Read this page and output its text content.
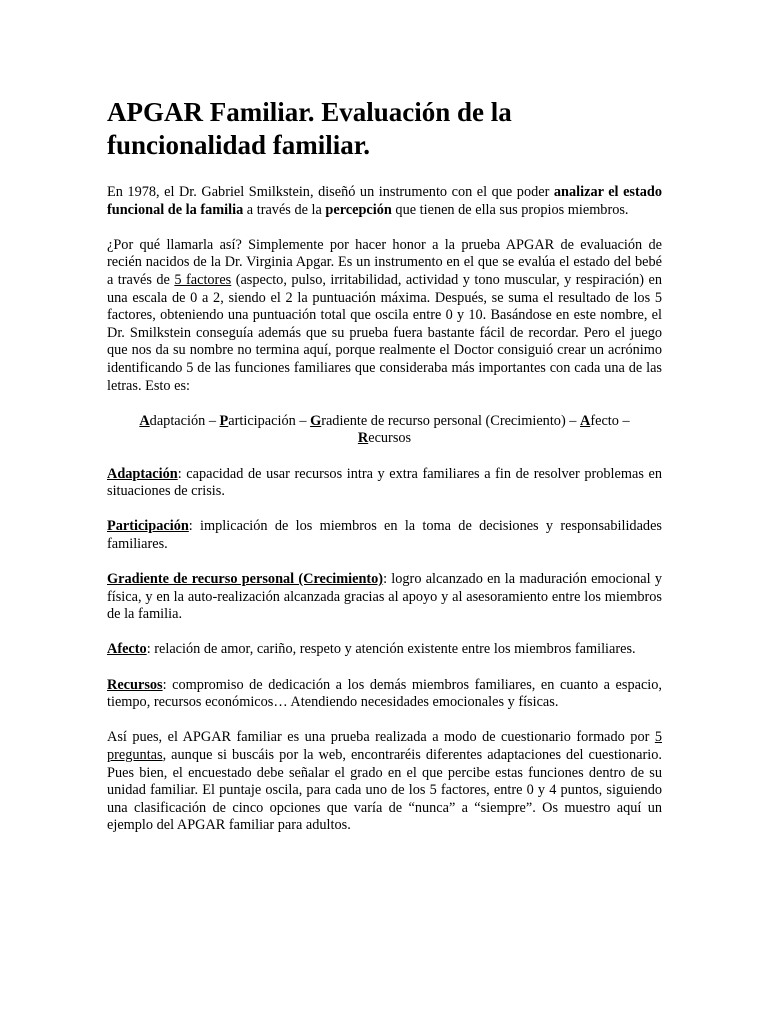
APGAR Familiar. Evaluación de la funcionalidad familiar.

En 1978, el Dr. Gabriel Smilkstein, diseñó un instrumento con el que poder analizar el estado funcional de la familia a través de la percepción que tienen de ella sus propios miembros.

¿Por qué llamarla así? Simplemente por hacer honor a la prueba APGAR de evaluación de recién nacidos de la Dr. Virginia Apgar. Es un instrumento en el que se evalúa el estado del bebé a través de 5 factores (aspecto, pulso, irritabilidad, actividad y tono muscular, y respiración) en una escala de 0 a 2, siendo el 2 la puntuación máxima. Después, se suma el resultado de los 5 factores, obteniendo una puntuación total que oscila entre 0 y 10. Basándose en este nombre, el Dr. Smilkstein conseguía además que su prueba fuera bastante fácil de recordar. Pero el juego que nos da su nombre no termina aquí, porque realmente el Doctor consiguió crear un acrónimo identificando 5 de las funciones familiares que consideraba más importantes con cada una de las letras. Esto es:

Adaptación – Participación – Gradiente de recurso personal (Crecimiento) – Afecto –
Recursos

Adaptación: capacidad de usar recursos intra y extra familiares a fin de resolver problemas en situaciones de crisis.

Participación: implicación de los miembros en la toma de decisiones y responsabilidades familiares.

Gradiente de recurso personal (Crecimiento): logro alcanzado en la maduración emocional y física, y en la auto-realización alcanzada gracias al apoyo y al asesoramiento entre los miembros de la familia.

Afecto: relación de amor, cariño, respeto y atención existente entre los miembros familiares.

Recursos: compromiso de dedicación a los demás miembros familiares, en cuanto a espacio, tiempo, recursos económicos… Atendiendo necesidades emocionales y físicas.

Así pues, el APGAR familiar es una prueba realizada a modo de cuestionario formado por 5 preguntas, aunque si buscáis por la web, encontraréis diferentes adaptaciones del cuestionario. Pues bien, el encuestado debe señalar el grado en el que percibe estas funciones dentro de su unidad familiar. El puntaje oscila, para cada uno de los 5 factores, entre 0 y 4 puntos, siguiendo una clasificación de cinco opciones que varía de “nunca” a “siempre”. Os muestro aquí un ejemplo del APGAR familiar para adultos.
